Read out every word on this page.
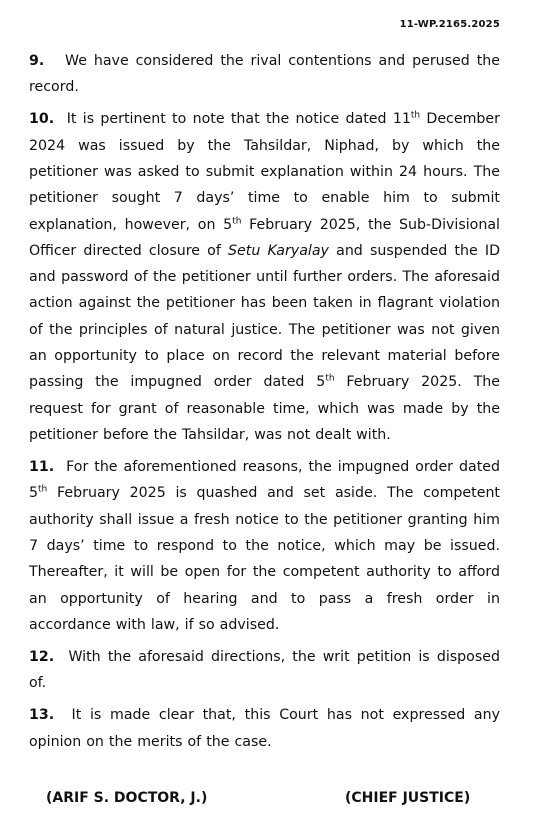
11-WP.2165.2025

9. We have considered the rival contentions and perused the record.

10. It is pertinent to note that the notice dated 11th December 2024 was issued by the Tahsildar, Niphad, by which the petitioner was asked to submit explanation within 24 hours. The petitioner sought 7 days’ time to enable him to submit explanation, however, on 5th February 2025, the Sub-Divisional Officer directed closure of Setu Karyalay and suspended the ID and password of the petitioner until further orders. The aforesaid action against the petitioner has been taken in flagrant violation of the principles of natural justice. The petitioner was not given an opportunity to place on record the relevant material before passing the impugned order dated 5th February 2025. The request for grant of reasonable time, which was made by the petitioner before the Tahsildar, was not dealt with.

11. For the aforementioned reasons, the impugned order dated 5th February 2025 is quashed and set aside. The competent authority shall issue a fresh notice to the petitioner granting him 7 days’ time to respond to the notice, which may be issued. Thereafter, it will be open for the competent authority to afford an opportunity of hearing and to pass a fresh order in accordance with law, if so advised.

12. With the aforesaid directions, the writ petition is disposed of.

13. It is made clear that, this Court has not expressed any opinion on the merits of the case.

(ARIF S. DOCTOR, J.)	(CHIEF JUSTICE)
